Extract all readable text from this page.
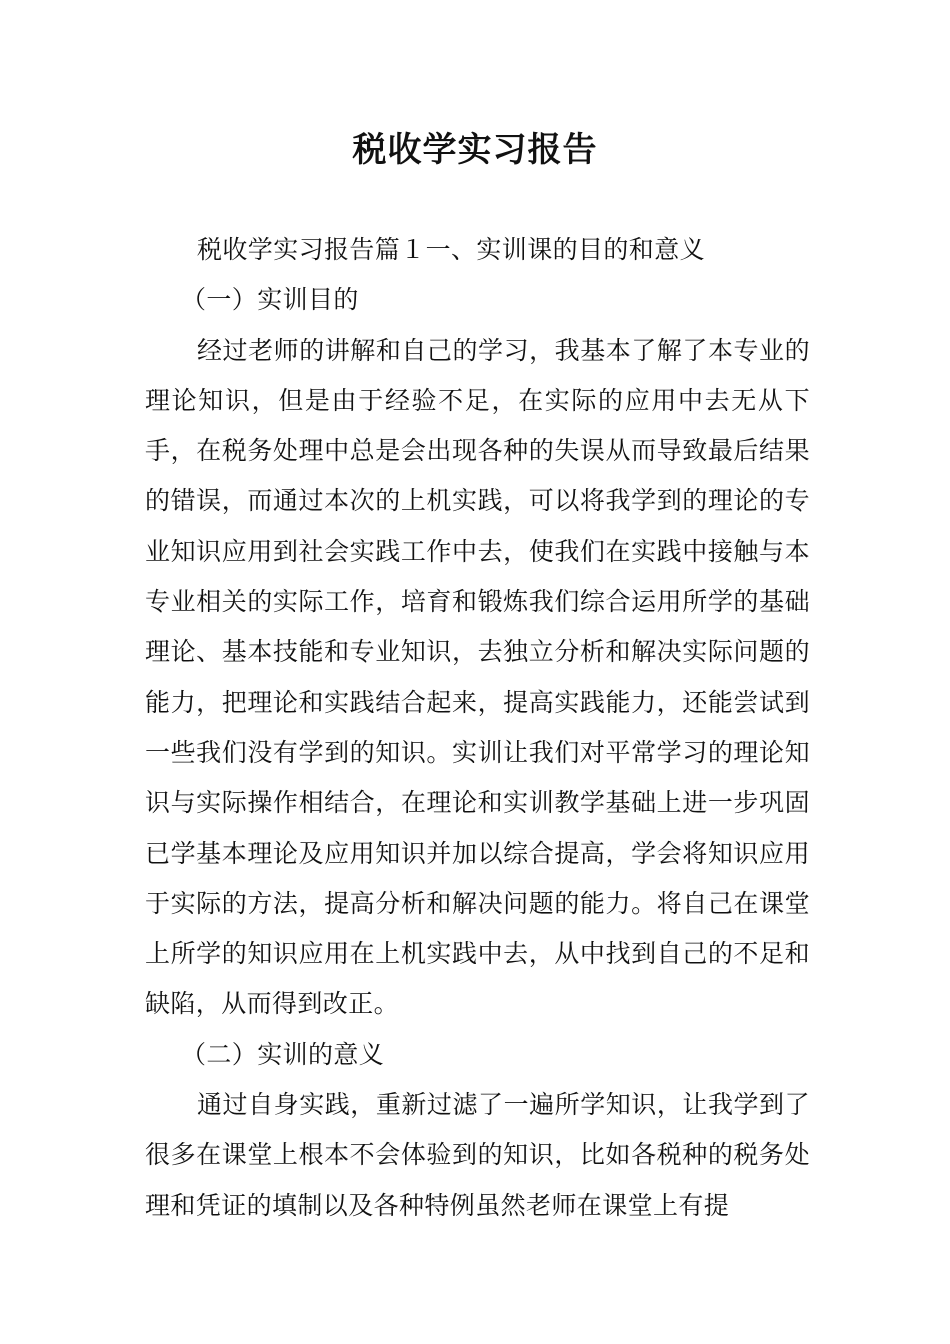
税收学实习报告

税收学实习报告篇１一、实训课的目的和意义

（一）实训目的

经过老师的讲解和自己的学习，我基本了解了本专业的理论知识，但是由于经验不足，在实际的应用中去无从下手，在税务处理中总是会出现各种的失误从而导致最后结果的错误，而通过本次的上机实践，可以将我学到的理论的专业知识应用到社会实践工作中去，使我们在实践中接触与本专业相关的实际工作，培育和锻炼我们综合运用所学的基础理论、基本技能和专业知识，去独立分析和解决实际问题的能力，把理论和实践结合起来，提高实践能力，还能尝试到一些我们没有学到的知识。实训让我们对平常学习的理论知识与实际操作相结合，在理论和实训教学基础上进一步巩固已学基本理论及应用知识并加以综合提高，学会将知识应用于实际的方法，提高分析和解决问题的能力。将自己在课堂上所学的知识应用在上机实践中去，从中找到自己的不足和缺陷，从而得到改正。

（二）实训的意义

通过自身实践，重新过滤了一遍所学知识，让我学到了很多在课堂上根本不会体验到的知识，比如各税种的税务处理和凭证的填制以及各种特例虽然老师在课堂上有提
